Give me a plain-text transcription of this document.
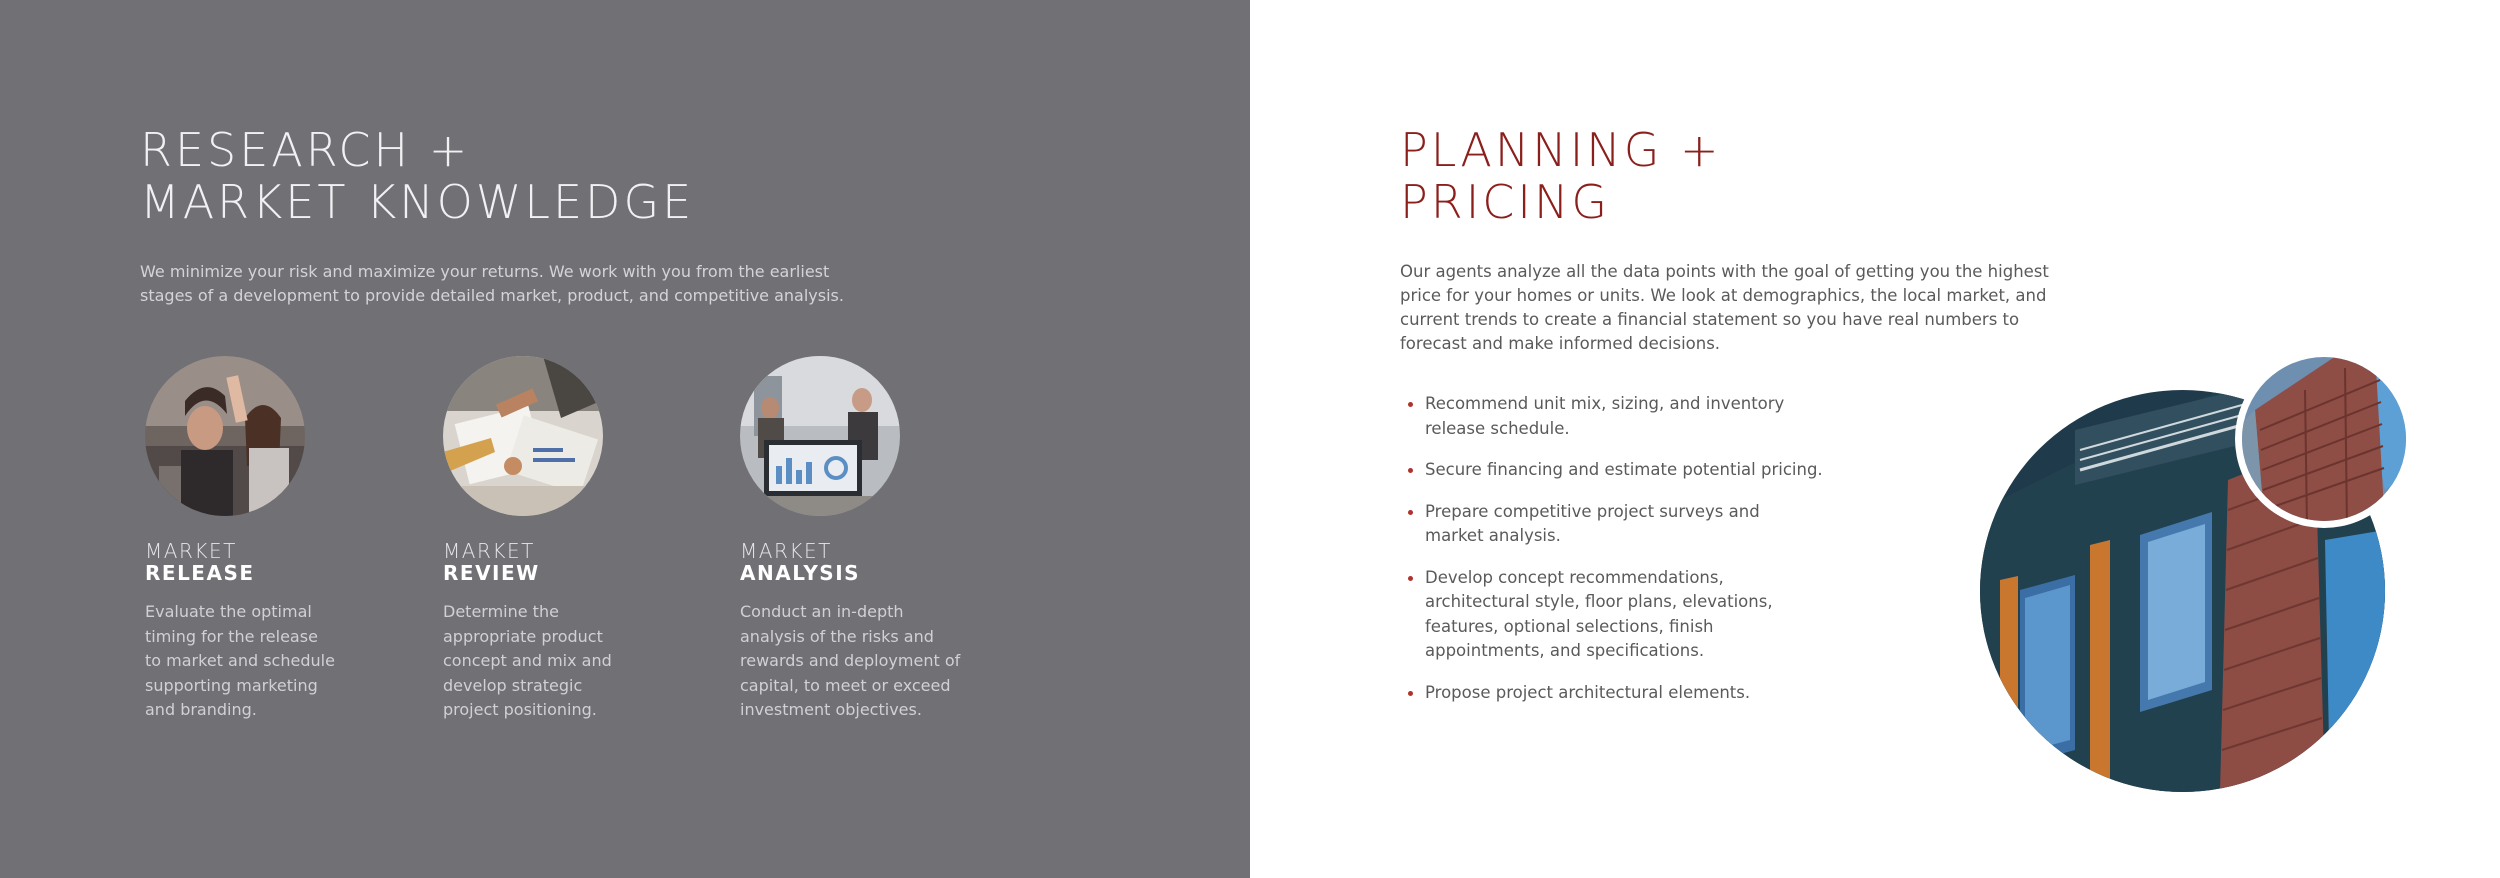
RESEARCH +
MARKET KNOWLEDGE

We minimize your risk and maximize your returns. We work with you from the earliest
stages of a development to provide detailed market, product, and competitive analysis.

MARKET
RELEASE
Evaluate the optimal
timing for the release
to market and schedule
supporting marketing
and branding.
MARKET
REVIEW
Determine the
appropriate product
concept and mix and
develop strategic
project positioning.
MARKET
ANALYSIS
Conduct an in-depth
analysis of the risks and
rewards and deployment of
capital, to meet or exceed
investment objectives.
PLANNING +
PRICING

Our agents analyze all the data points with the goal of getting you the highest
price for your homes or units. We look at demographics, the local market, and
current trends to create a financial statement so you have real numbers to
forecast and make informed decisions.

Recommend unit mix, sizing, and inventory
release schedule.
Secure financing and estimate potential pricing.
Prepare competitive project surveys and
market analysis.
Develop concept recommendations,
architectural style, floor plans, elevations,
features, optional selections, finish
appointments, and specifications.
Propose project architectural elements.
